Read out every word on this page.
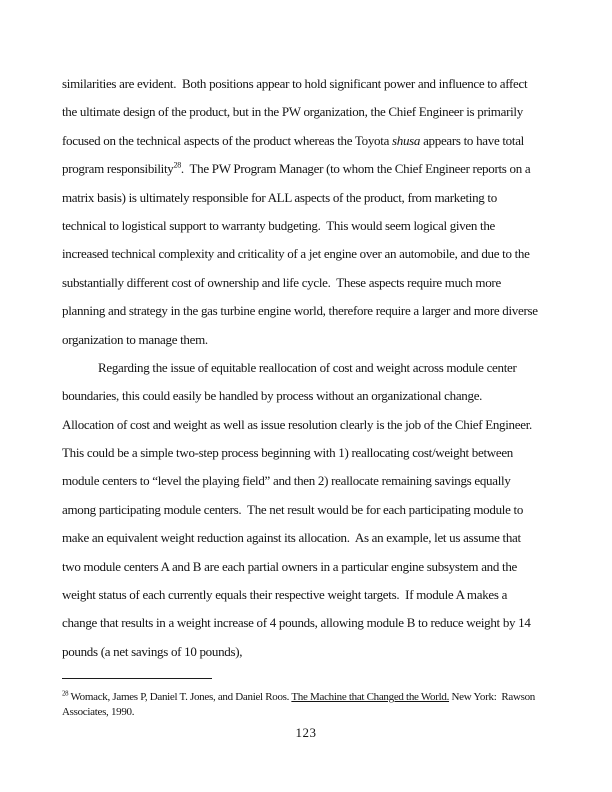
similarities are evident.  Both positions appear to hold significant power and influence to affect
the ultimate design of the product, but in the PW organization, the Chief Engineer is primarily
focused on the technical aspects of the product whereas the Toyota shusa appears to have total
program responsibility$^{28}$.  The PW Program Manager (to whom the Chief Engineer reports on a
matrix basis) is ultimately responsible for ALL aspects of the product, from marketing to
technical to logistical support to warranty budgeting.  This would seem logical given the
increased technical complexity and criticality of a jet engine over an automobile, and due to the
substantially different cost of ownership and life cycle.  These aspects require much more
planning and strategy in the gas turbine engine world, therefore require a larger and more diverse
organization to manage them.
Regarding the issue of equitable reallocation of cost and weight across module center
boundaries, this could easily be handled by process without an organizational change.
Allocation of cost and weight as well as issue resolution clearly is the job of the Chief Engineer.
This could be a simple two-step process beginning with 1) reallocating cost/weight between
module centers to “level the playing field” and then 2) reallocate remaining savings equally
among participating module centers.  The net result would be for each participating module to
make an equivalent weight reduction against its allocation.  As an example, let us assume that
two module centers A and B are each partial owners in a particular engine subsystem and the
weight status of each currently equals their respective weight targets.  If module A makes a
change that results in a weight increase of 4 pounds, allowing module B to reduce weight by 14
pounds (a net savings of 10 pounds),
$^{28}$ Womack, James P, Daniel T. Jones, and Daniel Roos. The Machine that Changed the World. New York:  Rawson
Associates, 1990.
123
